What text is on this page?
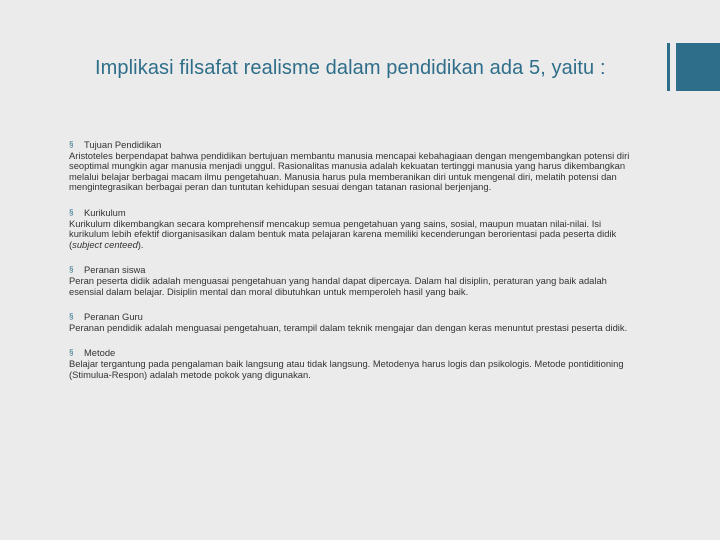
Implikasi filsafat realisme dalam pendidikan ada 5, yaitu :
§	Tujuan Pendidikan

Aristoteles berpendapat bahwa pendidikan bertujuan membantu manusia mencapai kebahagiaan dengan mengembangkan potensi diri seoptimal mungkin agar manusia menjadi unggul. Rasionalitas manusia adalah kekuatan tertinggi manusia yang harus dikembangkan melalui belajar berbagai macam ilmu pengetahuan. Manusia harus pula memberanikan diri untuk mengenal diri, melatih potensi dan mengintegrasikan berbagai peran dan tuntutan kehidupan sesuai dengan tatanan rasional berjenjang.

§	Kurikulum

Kurikulum dikembangkan secara komprehensif mencakup semua pengetahuan yang sains, sosial, maupun muatan nilai-nilai. Isi kurikulum lebih efektif diorganisasikan dalam bentuk mata pelajaran karena memiliki kecenderungan berorientasi pada peserta didik (subject centeed).

§	Peranan siswa

Peran peserta didik adalah menguasai pengetahuan yang handal dapat dipercaya. Dalam hal disiplin, peraturan yang baik adalah esensial dalam belajar. Disiplin mental dan moral dibutuhkan untuk memperoleh hasil yang baik.

§	Peranan Guru

Peranan pendidik adalah menguasai pengetahuan, terampil dalam teknik mengajar dan dengan keras menuntut prestasi peserta didik.

§	Metode

Belajar tergantung pada pengalaman baik langsung atau tidak langsung. Metodenya harus logis dan psikologis. Metode pontiditioning (Stimulua-Respon) adalah metode pokok yang digunakan.
